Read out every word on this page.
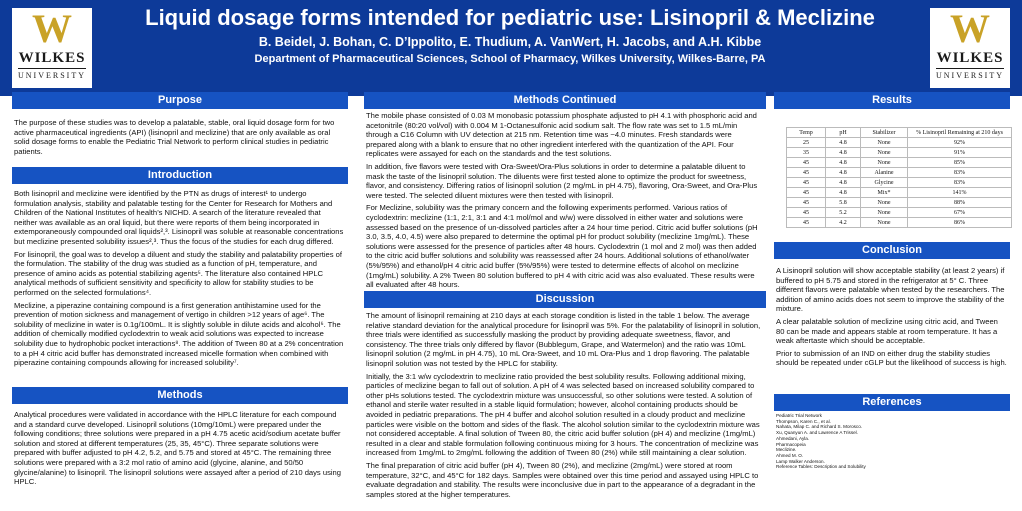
W
WILKES
UNIVERSITY
Liquid dosage forms intended for pediatric use: Lisinopril & Meclizine
B. Beidel, J. Bohan, C. D’Ippolito, E. Thudium, A. VanWert, H. Jacobs, and A.H. Kibbe
Department of Pharmaceutical Sciences, School of Pharmacy, Wilkes University, Wilkes-Barre, PA
W
WILKES
UNIVERSITY
Purpose

The purpose of these studies was to develop a palatable, stable, oral liquid dosage form for two active pharmaceutical ingredients (API) (lisinopril and meclizine) that are only available as oral solid dosage forms to enable the Pediatric Trial Network to perform clinical studies in pediatric patients.

Introduction

Both lisinopril and meclizine were identified by the PTN as drugs of interest¹ to undergo formulation analysis, stability and palatable testing for the Center for Research for Mothers and Children of the National Institutes of health’s NICHD. A search of the literature revealed that neither was available as an oral liquid, but there were reports of them being incorporated in extemporaneously compounded oral liquids²,³. Lisinopril was soluble at reasonable concentrations but meclizine presented solubility issues²,³. Thus the focus of the studies for each drug differed.

For lisinopril, the goal was to develop a diluent and study the stability and palatability properties of the formulation. The stability of the drug was studied as a function of pH, temperature, and presence of amino acids as potential stabilizing agents⁵. The literature also contained HPLC analytical methods of sufficient sensitivity and specificity to allow for stability studies to be performed on the selected formulations⁴.

Meclizine, a piperazine containing compound is a first generation antihistamine used for the prevention of motion sickness and management of vertigo in children >12 years of age⁶. The solubility of meclizine in water is 0.1g/100mL. It is slightly soluble in dilute acids and alcohol⁶. The addition of chemically modified cyclodextrin to weak acid solutions was expected to increase solubility due to hydrophobic pocket interactions⁸. The addition of Tween 80 at a 2% concentration to a pH 4 citric acid buffer has demonstrated increased micelle formation when combined with piperazine containing compounds allowing for increased solubility⁷.

Methods

Analytical procedures were validated in accordance with the HPLC literature for each compound and a standard curve developed. Lisinopril solutions (10mg/10mL) were prepared under the following conditions; three solutions were prepared in a pH 4.75 acetic acid/sodium acetate buffer solution and stored at different temperatures (25, 35, 45°C). Three separate solutions were prepared with buffer adjusted to pH 4.2, 5.2, and 5.75 and stored at 45°C. The remaining three solutions were prepared with a 3:2 mol ratio of amino acid (glycine, alanine, and 50/50 glycine/alanine) to lisinopril. The lisinopril solutions were assayed after a period of 210 days using HPLC.

Methods Continued

The mobile phase consisted of 0.03 M monobasic potassium phosphate adjusted to pH 4.1 with phosphoric acid and acetonitrile (80:20 vol/vol) with 0.004 M 1-Octanesulfonic acid sodium salt. The flow rate was set to 1.5 mL/min through a C16 Column with UV detection at 215 nm. Retention time was ~4.0 minutes. Fresh standards were prepared along with a blank to ensure that no other ingredient interfered with the quantization of the API. Four replicates were assayed for each on the standards and the test solutions.

In addition, five flavors were tested with Ora-Sweet/Ora-Plus solutions in order to determine a palatable diluent to mask the taste of the lisinopril solution. The diluents were first tested alone to optimize the product for sweetness, flavor, and consistency. Differing ratios of lisinopril solution (2 mg/mL in pH 4.75), flavoring, Ora-Sweet, and Ora-Plus were tested. The selected diluent mixtures were then tested with lisinopril.

For Meclizine, solubility was the primary concern and the following experiments performed. Various ratios of cyclodextrin: meclizine (1:1, 2:1, 3:1 and 4:1 mol/mol and w/w) were dissolved in either water and solutions were assessed based on the presence of un-dissolved particles after a 24 hour time period. Citric acid buffer solutions (pH 3.0, 3.5, 4.0, 4.5) were also prepared to determine the optimal pH for product solubility (meclizine 1mg/mL). These solutions were assessed for the presence of particles after 48 hours. Cyclodextrin (1 mol and 2 mol) was then added to the citric acid buffer solutions and solubility was reassessed after 24 hours. Additional solutions of ethanol/water (5%/95%) and ethanol/pH 4 citric acid buffer (5%/95%) were tested to determine effects of alcohol on meclizine (1mg/mL) solubility. A 2% Tween 80 solution buffered to pH 4 with citric acid was also evaluated. These results were all evaluated after 48 hours.

Discussion

The amount of lisinopril remaining at 210 days at each storage condition is listed in the table 1 below. The average relative standard deviation for the analytical procedure for lisinopril was 5%. For the palatability of lisinopril in solution, three trials were identified as successfully masking the product by providing adequate sweetness, flavor, and consistency. The three trials only differed by flavor (Bubblegum, Grape, and Watermelon) and the ratio was 10mL lisinopril solution (2 mg/mL in pH 4.75), 10 mL Ora-Sweet, and 10 mL Ora-Plus and 1 drop flavoring. The palatable lisinopril solution was not tested by the HPLC for stability.

Initially, the 3:1 w/w cyclodextrin to meclizine ratio provided the best solubility results. Following additional mixing, particles of meclizine began to fall out of solution. A pH of 4 was selected based on increased solubility compared to other pHs solutions tested. The cyclodextrin mixture was unsuccessful, so other solutions were tested. A solution of ethanol and sterile water resulted in a stable liquid formulation; however, alcohol containing products should be avoided in pediatric preparations. The pH 4 buffer and alcohol solution resulted in a cloudy product and meclizine particles were visible on the bottom and sides of the flask. The alcohol solution similar to the cyclodextrin mixture was not considered acceptable. A final solution of Tween 80, the citric acid buffer solution (pH 4) and meclizine (1mg/mL) resulted in a clear and stable formulation following continuous mixing for 3 hours. The concentration of meclizine was increased from 1mg/mL to 2mg/mL following the addition of Tween 80 (2%) while still maintaining a clear solution.

The final preparation of citric acid buffer (pH 4), Tween 80 (2%), and meclizine (2mg/mL) were stored at room temperature, 32°C, and 45°C for 182 days. Samples were obtained over this time period and assayed using HPLC to evaluate degradation and stability. The results were inconclusive due in part to the appearance of a degradant in the samples stored at the higher temperatures.

Results
Temp	pH	Stabilizer	% Lisinopril Remaining at 210 days
25	4.8	None	92%
35	4.8	None	91%
45	4.8	None	85%
45	4.8	Alanine	83%
45	4.8	Glycine	83%
45	4.8	Mix*	141%
45	5.8	None	88%
45	5.2	None	67%
45	4.2	None	86%
Conclusion

A Lisinopril solution will show acceptable stability (at least 2 years) if buffered to pH 5.75 and stored in the refrigerator at 5° C. Three different flavors were palatable when tested by the researchers. The addition of amino acids does not seem to improve the stability of the mixture.

A clear palatable solution of meclizine using citric acid, and Tween 80 can be made and appears stable at room temperature. It has a weak aftertaste which should be acceptable.

Prior to submission of an IND on either drug the stability studies should be repeated under cGLP but the likelihood of success is high.

References

Pediatric Trial Network

Thompson, Karen C., et al.

Nahata, Milap C. and Richard S. Morosco.

Xu, Quanyun A. and Lawrence A Trissel.

Ahmedani, Ayla.

Pharmacopeia

Meclizine.

Ahmed M. O.

Lamp Walker Anderson.

Reference Tables: Description and Solubility
